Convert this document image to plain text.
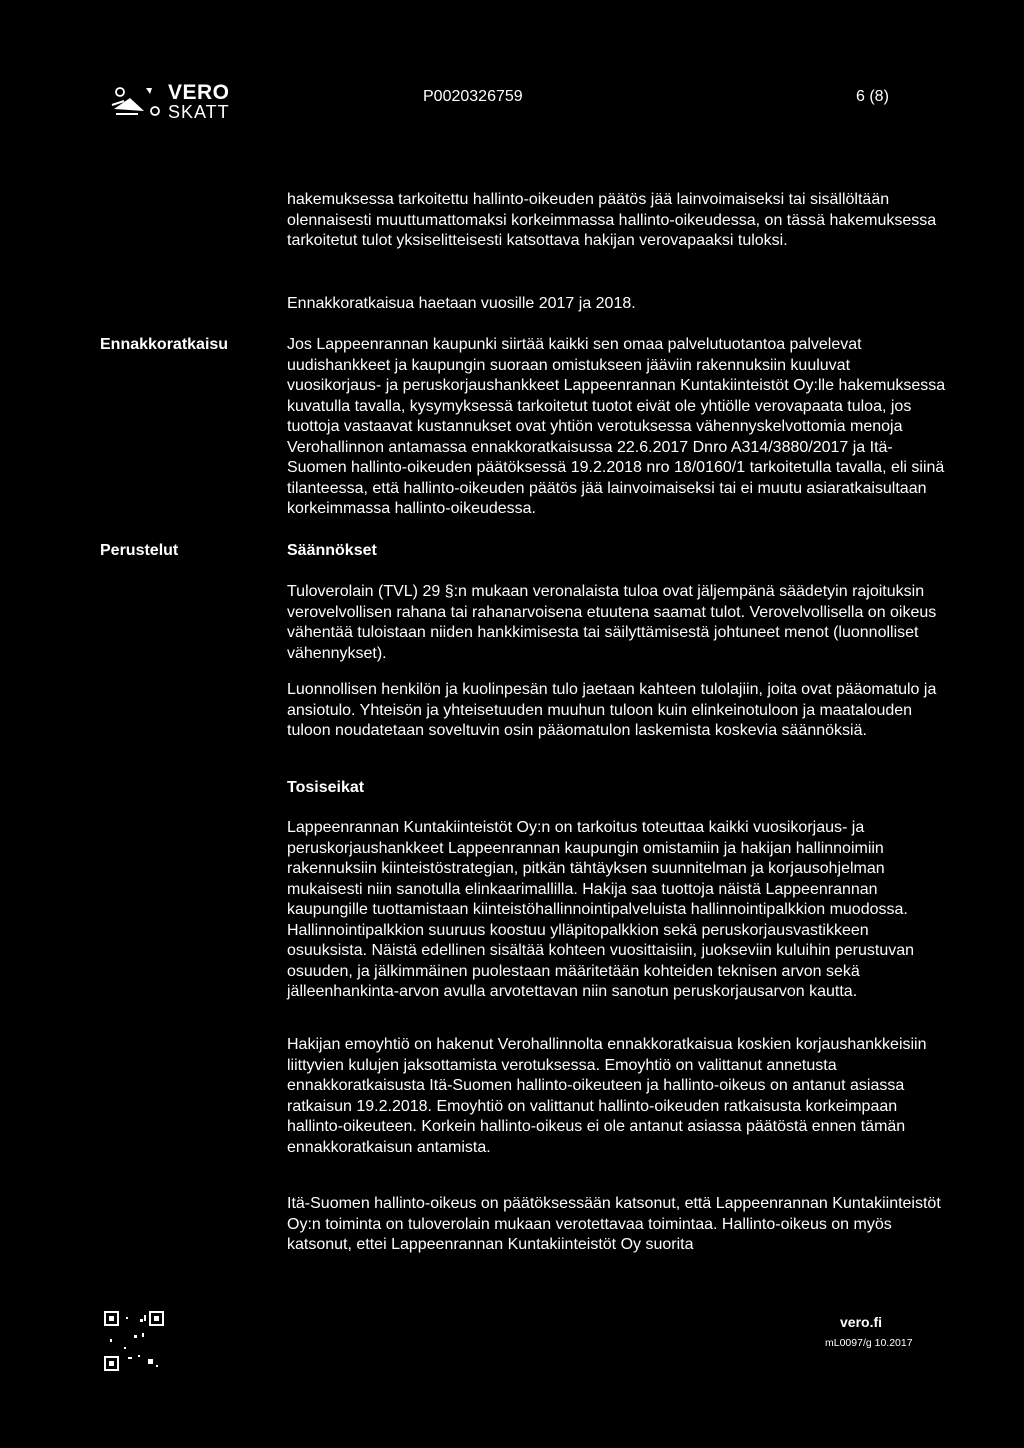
VERO
SKATT
P0020326759	6 (8)

hakemuksessa tarkoitettu hallinto-oikeuden päätös jää lainvoimaiseksi tai sisällöltään olennaisesti muuttumattomaksi korkeimmassa hallinto-oikeudessa, on tässä hakemuksessa tarkoitetut tulot yksiselitteisesti katsottava hakijan verovapaaksi tuloksi.

Ennakkoratkaisua haetaan vuosille 2017 ja 2018.

Ennakkoratkaisu	Jos Lappeenrannan kaupunki siirtää kaikki sen omaa palvelutuotantoa palvelevat uudishankkeet ja kaupungin suoraan omistukseen jääviin rakennuksiin kuuluvat vuosikorjaus- ja peruskorjaushankkeet Lappeenrannan Kuntakiinteistöt Oy:lle hakemuksessa kuvatulla tavalla, kysymyksessä tarkoitetut tuotot eivät ole yhtiölle verovapaata tuloa, jos tuottoja vastaavat kustannukset ovat yhtiön verotuksessa vähennyskelvottomia menoja Verohallinnon antamassa ennakkoratkaisussa 22.6.2017 Dnro A314/3880/2017 ja Itä-Suomen hallinto-oikeuden päätöksessä 19.2.2018 nro 18/0160/1 tarkoitetulla tavalla, eli siinä tilanteessa, että hallinto-oikeuden päätös jää lainvoimaiseksi tai ei muutu asiaratkaisultaan korkeimmassa hallinto-oikeudessa.

Perustelut	Säännökset

Tuloverolain (TVL) 29 §:n mukaan veronalaista tuloa ovat jäljempänä säädetyin rajoituksin verovelvollisen rahana tai rahanarvoisena etuutena saamat tulot. Verovelvollisella on oikeus vähentää tuloistaan niiden hankkimisesta tai säilyttämisestä johtuneet menot (luonnolliset vähennykset).

Luonnollisen henkilön ja kuolinpesän tulo jaetaan kahteen tulolajiin, joita ovat pääomatulo ja ansiotulo. Yhteisön ja yhteisetuuden muuhun tuloon kuin elinkeinotuloon ja maatalouden tuloon noudatetaan soveltuvin osin pääomatulon laskemista koskevia säännöksiä.

Tosiseikat

Lappeenrannan Kuntakiinteistöt Oy:n on tarkoitus toteuttaa kaikki vuosikorjaus- ja peruskorjaushankkeet Lappeenrannan kaupungin omistamiin ja hakijan hallinnoimiin rakennuksiin kiinteistöstrategian, pitkän tähtäyksen suunnitelman ja korjausohjelman mukaisesti niin sanotulla elinkaarimallilla. Hakija saa tuottoja näistä Lappeenrannan kaupungille tuottamistaan kiinteistöhallinnointipalveluista hallinnointipalkkion muodossa. Hallinnointipalkkion suuruus koostuu ylläpitopalkkion sekä peruskorjausvastikkeen osuuksista. Näistä edellinen sisältää kohteen vuosittaisiin, juokseviin kuluihin perustuvan osuuden, ja jälkimmäinen puolestaan määritetään kohteiden teknisen arvon sekä jälleenhankinta-arvon avulla arvotettavan niin sanotun peruskorjausarvon kautta.

Hakijan emoyhtiö on hakenut Verohallinnolta ennakkoratkaisua koskien korjaushankkeisiin liittyvien kulujen jaksottamista verotuksessa. Emoyhtiö on valittanut annetusta ennakkoratkaisusta Itä-Suomen hallinto-oikeuteen ja hallinto-oikeus on antanut asiassa ratkaisun 19.2.2018. Emoyhtiö on valittanut hallinto-oikeuden ratkaisusta korkeimpaan hallinto-oikeuteen. Korkein hallinto-oikeus ei ole antanut asiassa päätöstä ennen tämän ennakkoratkaisun antamista.

Itä-Suomen hallinto-oikeus on päätöksessään katsonut, että Lappeenrannan Kuntakiinteistöt Oy:n toiminta on tuloverolain mukaan verotettavaa toimintaa. Hallinto-oikeus on myös katsonut, ettei Lappeenrannan Kuntakiinteistöt Oy suorita

vero.fi
mL0097/g 10.2017
